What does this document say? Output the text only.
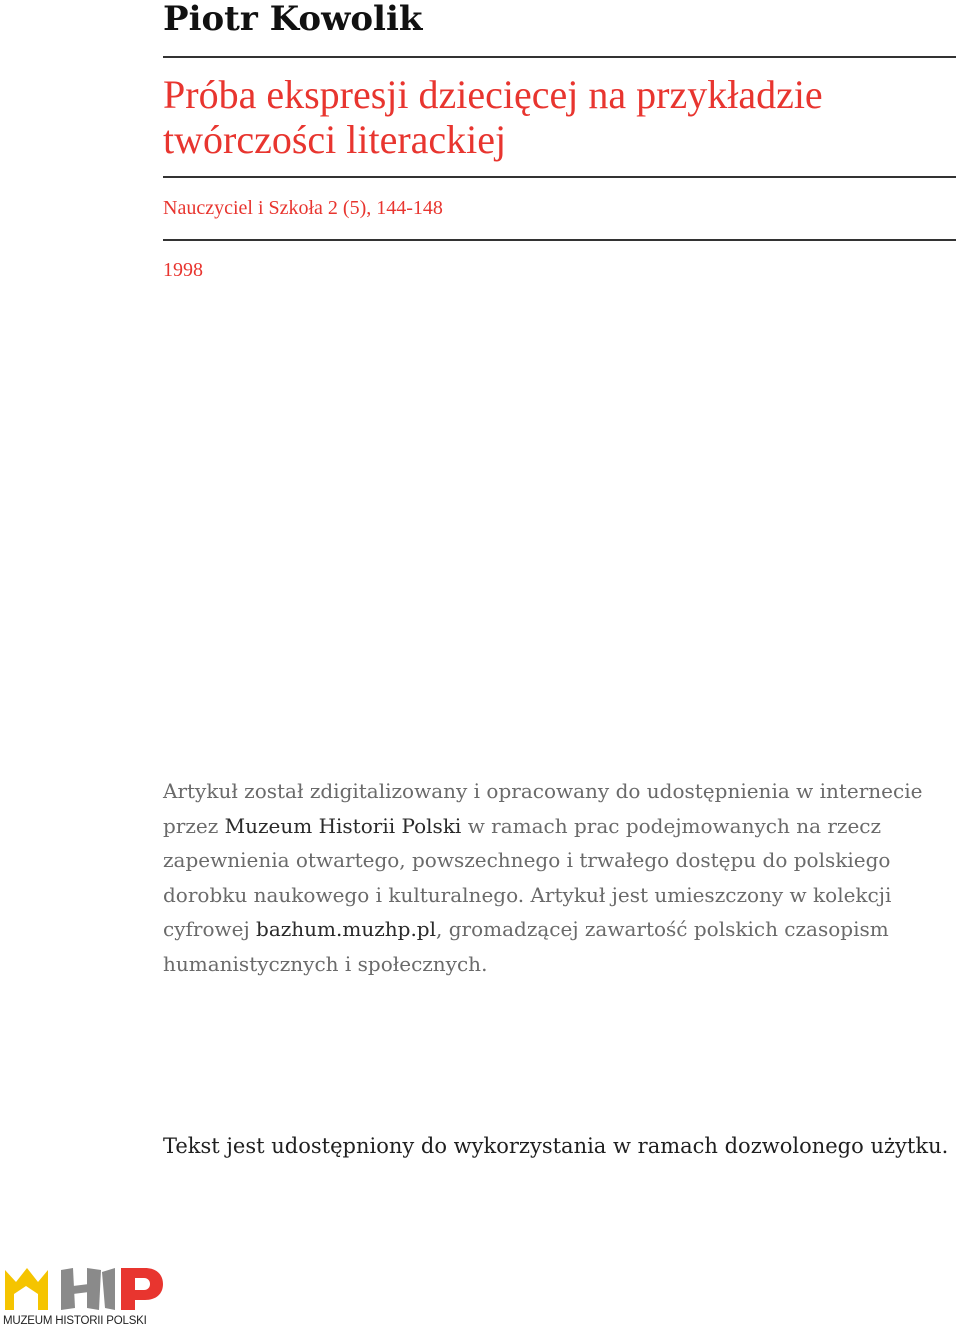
Piotr Kowolik
Próba ekspresji dziecięcej na przykładzie twórczości literackiej
Nauczyciel i Szkoła 2 (5), 144-148
1998
Artykuł został zdigitalizowany i opracowany do udostępnienia w internecie przez Muzeum Historii Polski w ramach prac podejmowanych na rzecz zapewnienia otwartego, powszechnego i trwałego dostępu do polskiego dorobku naukowego i kulturalnego. Artykuł jest umieszczony w kolekcji cyfrowej bazhum.muzhp.pl, gromadzącej zawartość polskich czasopism humanistycznych i społecznych.
Tekst jest udostępniony do wykorzystania w ramach dozwolonego użytku.
MUZEUM HISTORII POLSKI
